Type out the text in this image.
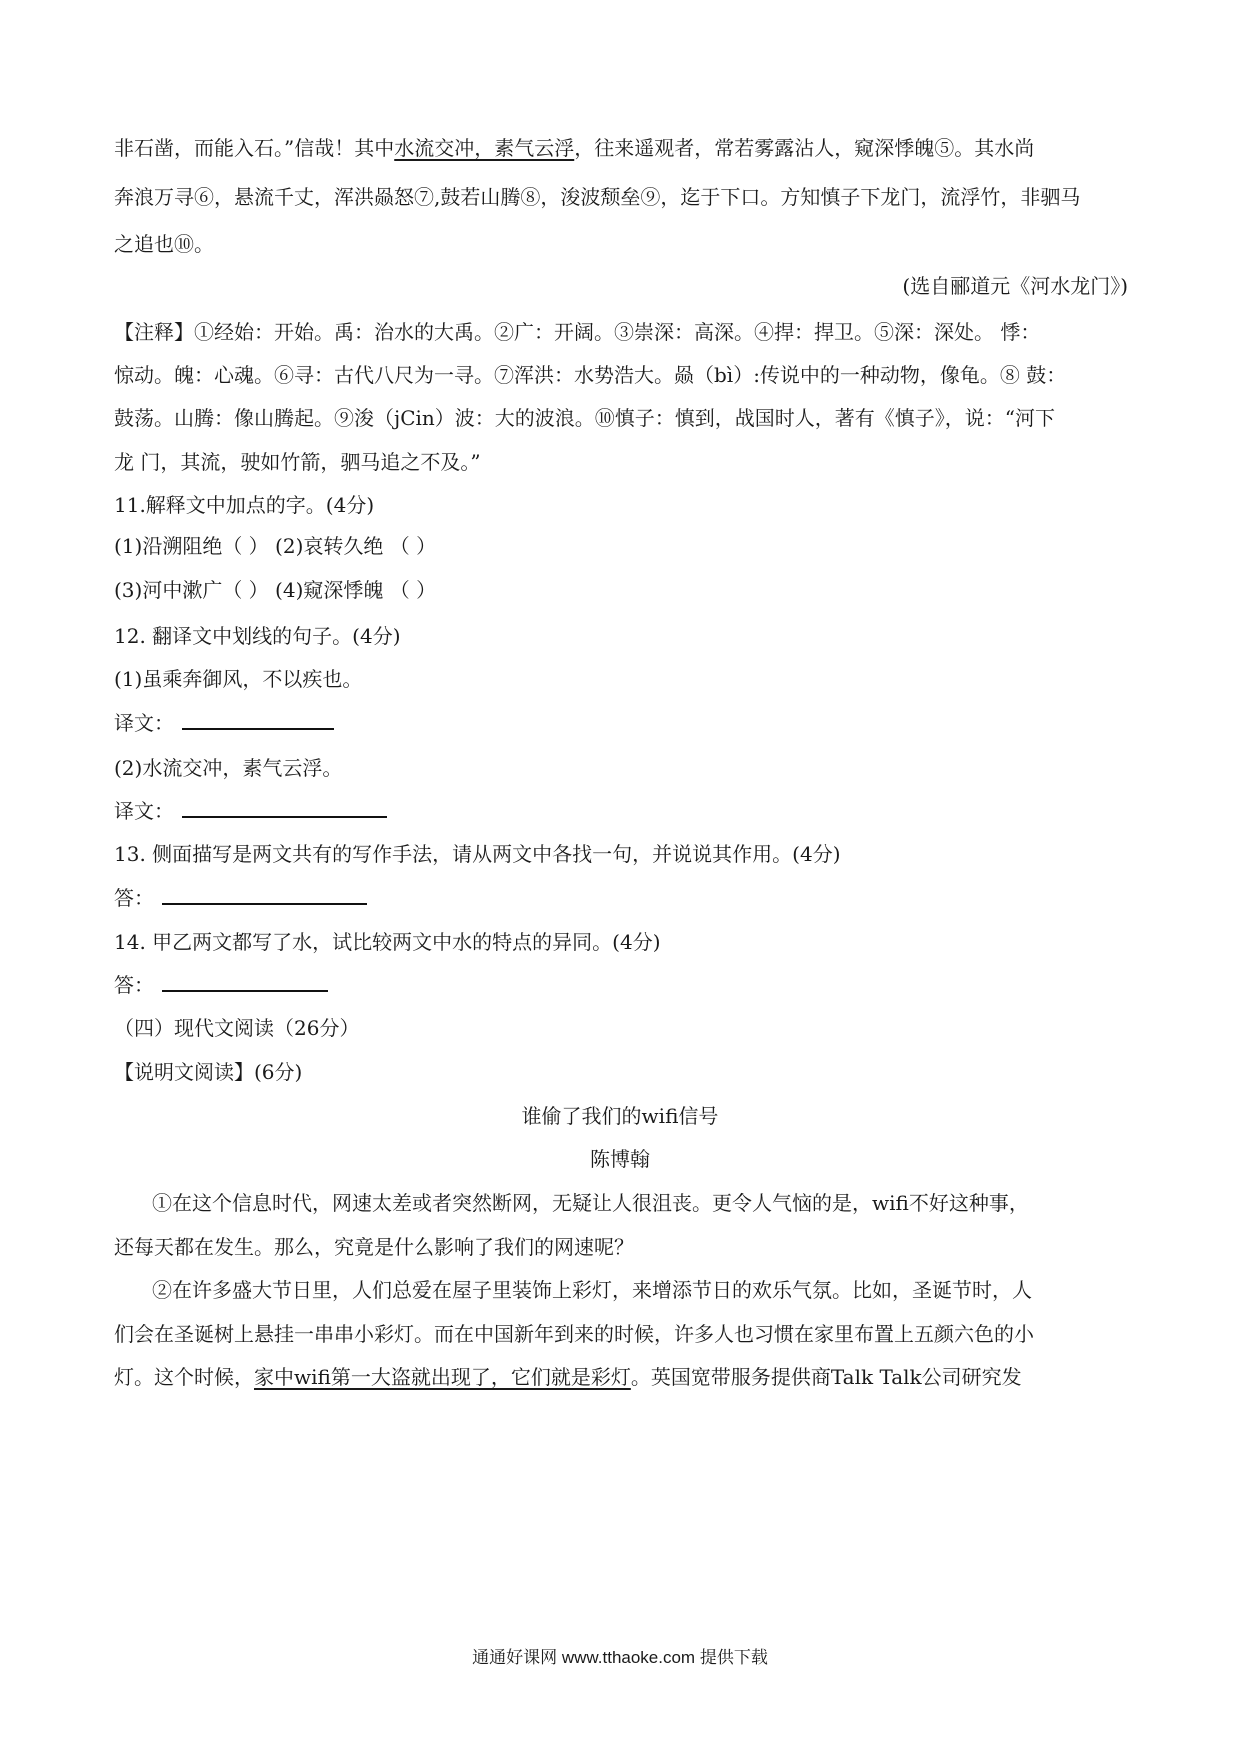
非石凿，而能入石。”信哉！其中水流交冲，素气云浮，往来遥观者，常若雾露沾人，窥深悸魄⑤。其水尚
奔浪万寻⑥，悬流千丈，浑洪赑怒⑦,鼓若山腾⑧，浚波颓垒⑨，迄于下口。方知慎子下龙门，流浮竹，非驷马
之追也⑩。
(选自郦道元《河水龙门》)
【注释】①经始：开始。禹：治水的大禹。②广：开阔。③崇深：高深。④捍：捍卫。⑤深：深处。 悸：
惊动。魄：心魂。⑥寻：古代八尺为一寻。⑦浑洪：水势浩大。赑（bì）:传说中的一种动物，像龟。⑧ 鼓：
鼓荡。山腾：像山腾起。⑨浚（jCin）波：大的波浪。⑩慎子：慎到，战国时人，著有《慎子》，说：“河下
龙 门，其流，驶如竹箭，驷马追之不及。”
11.解释文中加点的字。(4分)
(1)沿溯阻绝（ ） (2)哀转久绝 （ ）
(3)河中漱广（ ） (4)窥深悸魄 （ ）
12. 翻译文中划线的句子。(4分)
(1)虽乘奔御风，不以疾也。
译文：
(2)水流交冲，素气云浮。
译文：
13. 侧面描写是两文共有的写作手法，请从两文中各找一句，并说说其作用。(4分)
答：
14. 甲乙两文都写了水，试比较两文中水的特点的异同。(4分)
答：
（四）现代文阅读（26分）
【说明文阅读】(6分)
谁偷了我们的wifi信号
陈博翰
①在这个信息时代，网速太差或者突然断网，无疑让人很沮丧。更令人气恼的是，wifi不好这种事，
还每天都在发生。那么，究竟是什么影响了我们的网速呢？
②在许多盛大节日里，人们总爱在屋子里装饰上彩灯，来增添节日的欢乐气氛。比如，圣诞节时，人
们会在圣诞树上悬挂一串串小彩灯。而在中国新年到来的时候，许多人也习惯在家里布置上五颜六色的小
灯。这个时候，家中wifi第一大盗就出现了，它们就是彩灯。英国宽带服务提供商Talk Talk公司研究发
通通好课网 www.tthaoke.com 提供下载
